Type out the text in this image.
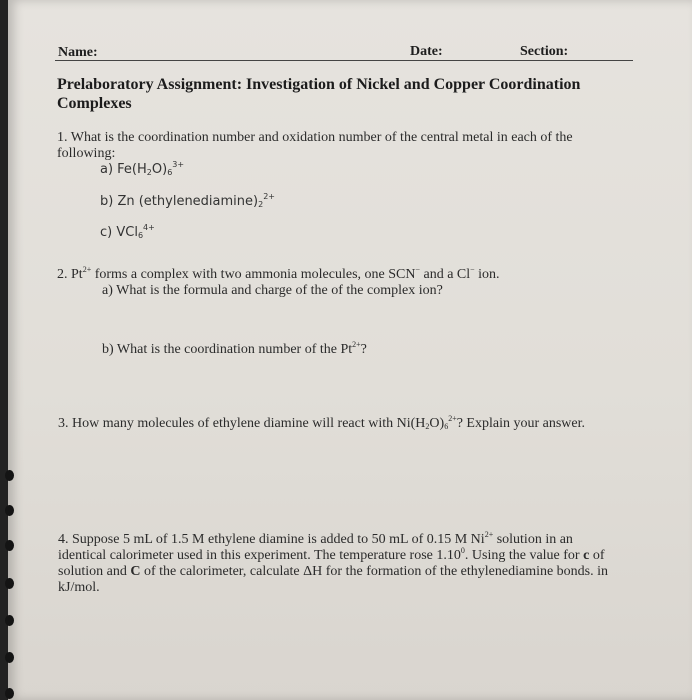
Name:	Date:	Section:
Prelaboratory Assignment: Investigation of Nickel and Copper Coordination
Complexes
1. What is the coordination number and oxidation number of the central metal in each of the
following:
a) $Fe(H_2O)_6^{3+}$
b) Zn $(ethylenediamine)_2^{2+}$
c) VCl$_6^{4+}$
2. $Pt^{2+}$ forms a complex with two ammonia molecules, one SCN− and a Cl− ion.
a) What is the formula and charge of the of the complex ion?
b) What is the coordination number of the $Pt^{2+}$?
3. How many molecules of ethylene diamine will react with $Ni(H_2O)_6^{2+}$? Explain your answer.
4. Suppose 5 mL of 1.5 M ethylene diamine is added to 50 mL of 0.15 M $Ni^{2+}$ solution in an
identical calorimeter used in this experiment. The temperature rose 1.10$^0$. Using the value for c of
solution and C of the calorimeter, calculate ΔH for the formation of the ethylenediamine bonds. in
kJ/mol.
